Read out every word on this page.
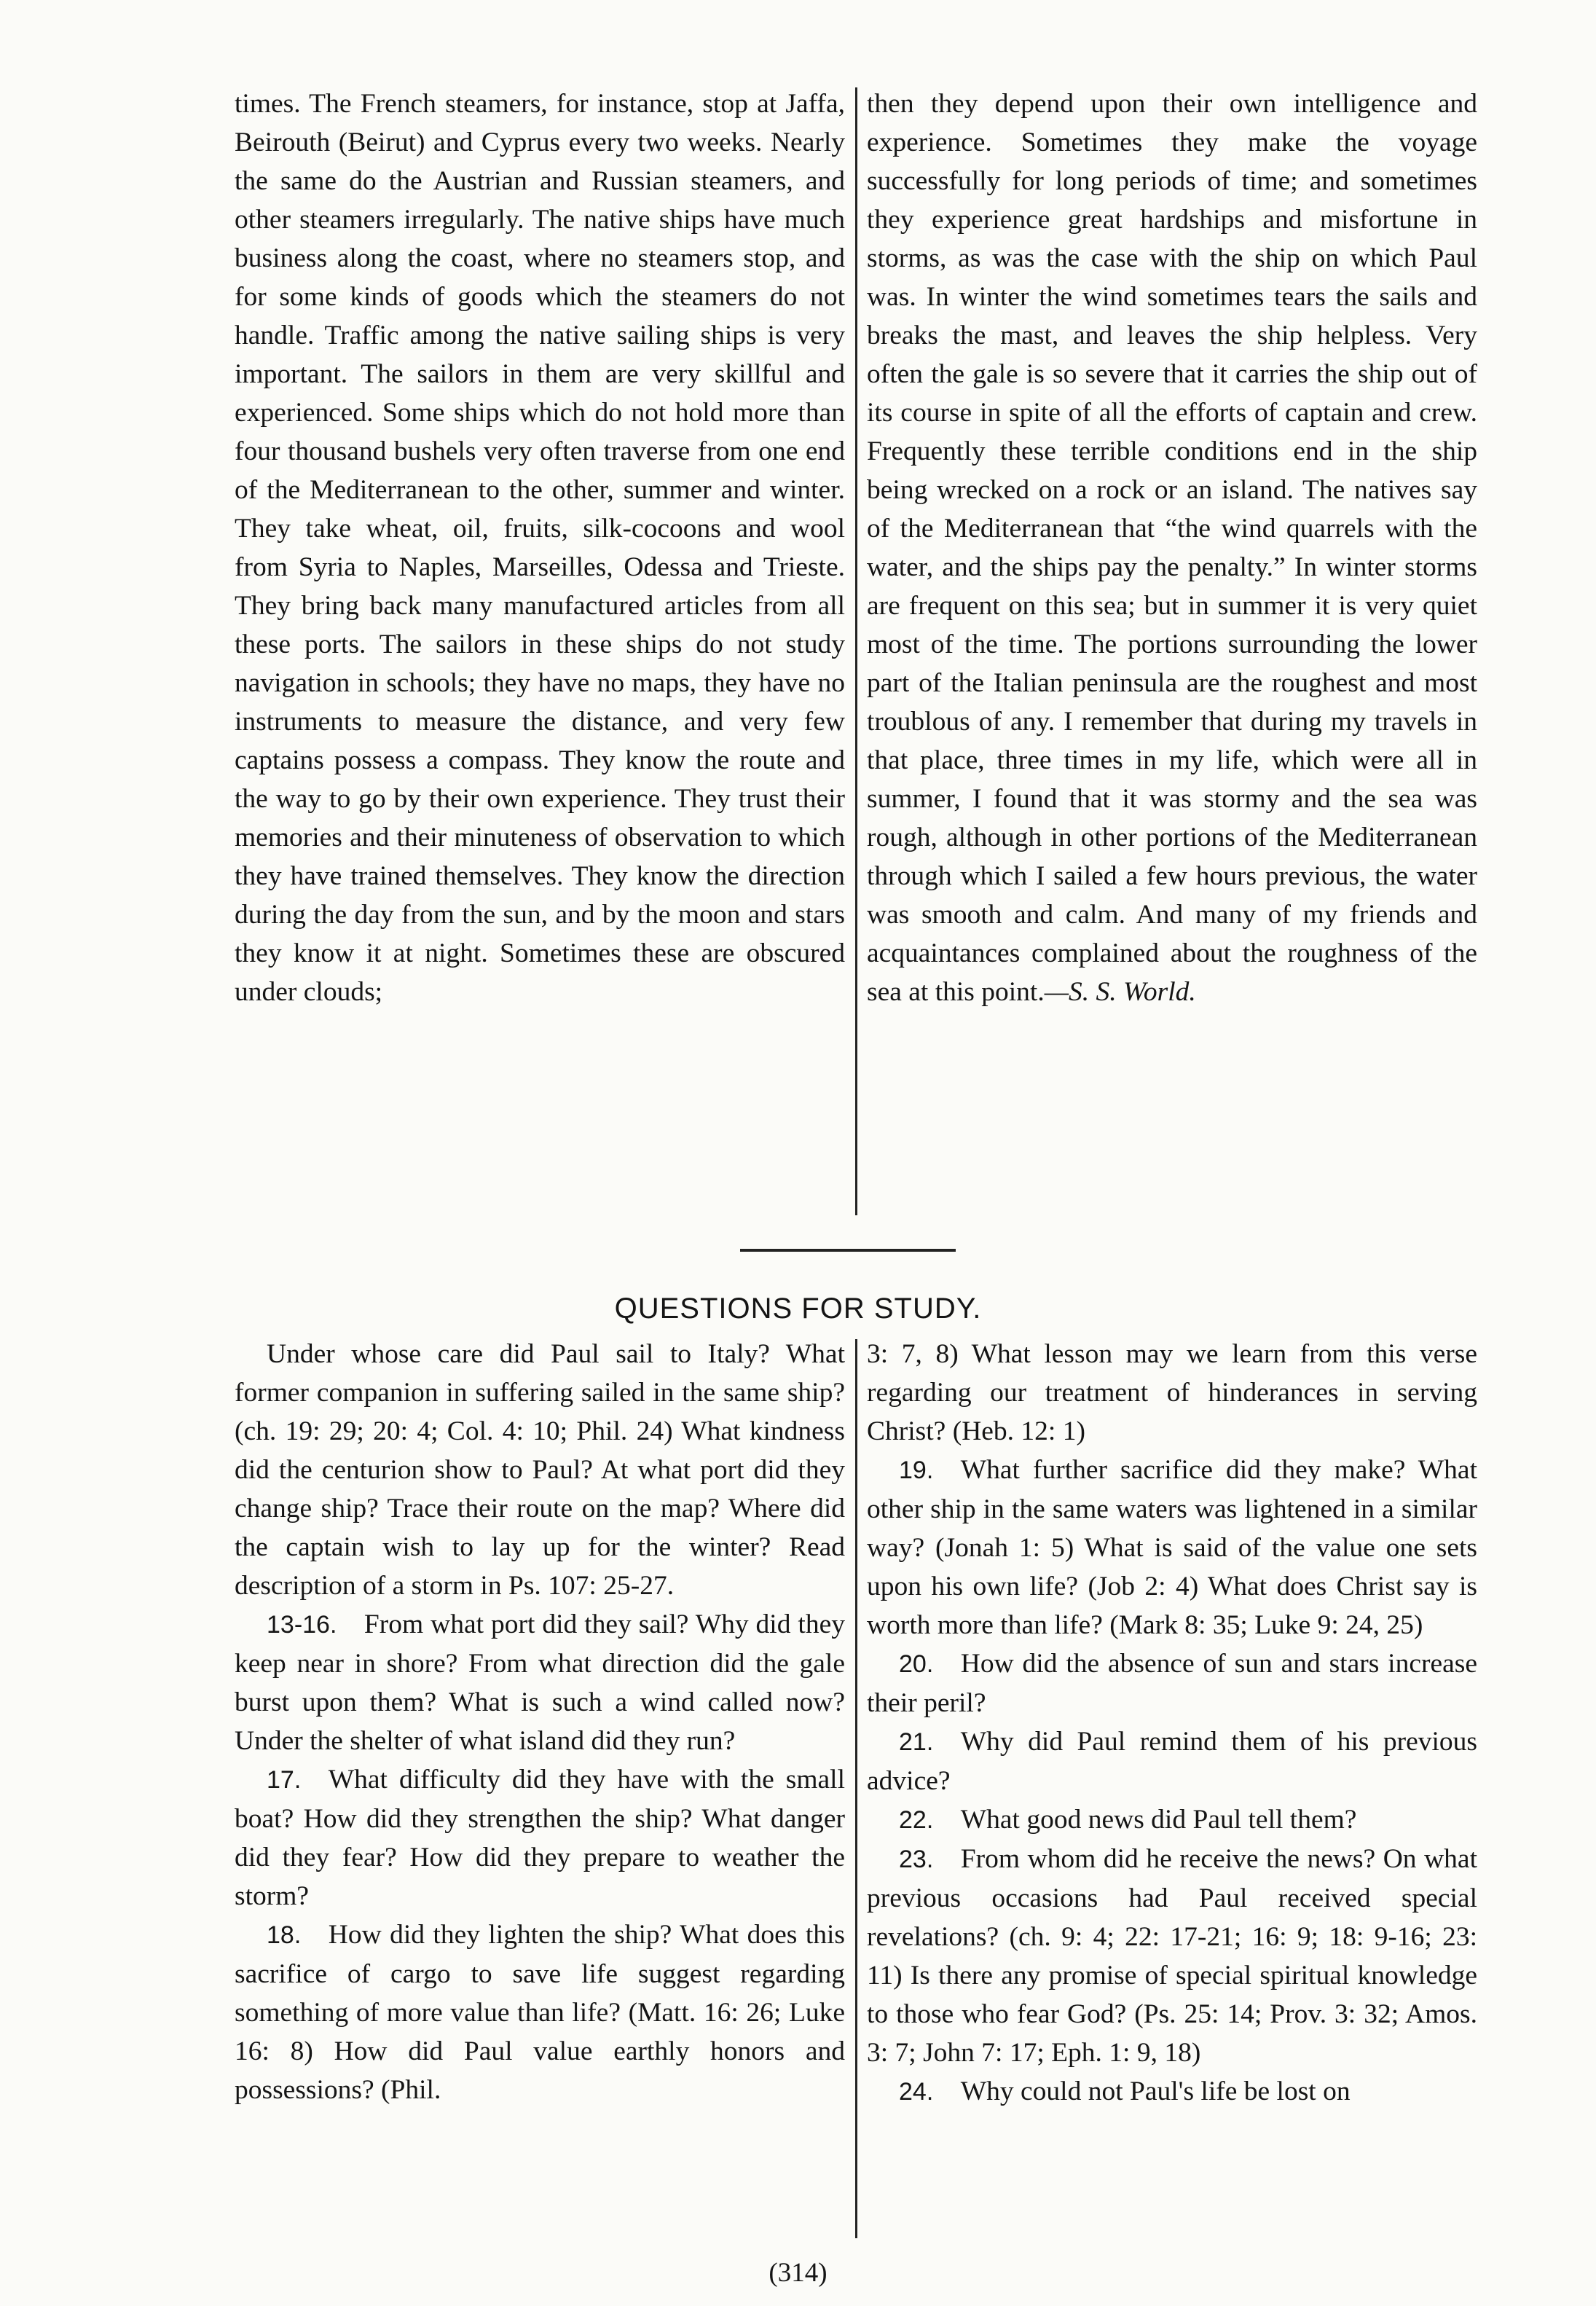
times. The French steamers, for instance, stop at Jaffa, Beirouth (Beirut) and Cyprus every two weeks. Nearly the same do the Austrian and Russian steamers, and other steamers irregularly. The native ships have much business along the coast, where no steamers stop, and for some kinds of goods which the steamers do not handle. Traffic among the native sailing ships is very important. The sailors in them are very skillful and experienced. Some ships which do not hold more than four thousand bushels very often traverse from one end of the Mediterranean to the other, summer and winter. They take wheat, oil, fruits, silk-cocoons and wool from Syria to Naples, Marseilles, Odessa and Trieste. They bring back many manufactured articles from all these ports. The sailors in these ships do not study navigation in schools; they have no maps, they have no instruments to measure the distance, and very few captains possess a compass. They know the route and the way to go by their own experience. They trust their memories and their minuteness of observation to which they have trained themselves. They know the direction during the day from the sun, and by the moon and stars they know it at night. Sometimes these are obscured under clouds;

then they depend upon their own intelligence and experience. Sometimes they make the voyage successfully for long periods of time; and sometimes they experience great hardships and misfortune in storms, as was the case with the ship on which Paul was. In winter the wind sometimes tears the sails and breaks the mast, and leaves the ship helpless. Very often the gale is so severe that it carries the ship out of its course in spite of all the efforts of captain and crew. Frequently these terrible conditions end in the ship being wrecked on a rock or an island. The natives say of the Mediterranean that “the wind quarrels with the water, and the ships pay the penalty.” In winter storms are frequent on this sea; but in summer it is very quiet most of the time. The portions surrounding the lower part of the Italian peninsula are the roughest and most troublous of any. I remember that during my travels in that place, three times in my life, which were all in summer, I found that it was stormy and the sea was rough, although in other portions of the Mediterranean through which I sailed a few hours previous, the water was smooth and calm. And many of my friends and acquaintances complained about the roughness of the sea at this point.—S. S. World.

QUESTIONS FOR STUDY.

Under whose care did Paul sail to Italy? What former companion in suffering sailed in the same ship? (ch. 19: 29; 20: 4; Col. 4: 10; Phil. 24) What kindness did the centurion show to Paul? At what port did they change ship? Trace their route on the map? Where did the captain wish to lay up for the winter? Read description of a storm in Ps. 107: 25-27.

13-16.  From what port did they sail? Why did they keep near in shore? From what direction did the gale burst upon them? What is such a wind called now? Under the shelter of what island did they run?

17.  What difficulty did they have with the small boat? How did they strengthen the ship? What danger did they fear? How did they prepare to weather the storm?

18.  How did they lighten the ship? What does this sacrifice of cargo to save life suggest regarding something of more value than life? (Matt. 16: 26; Luke 16: 8) How did Paul value earthly honors and possessions? (Phil.

3: 7, 8) What lesson may we learn from this verse regarding our treatment of hinderances in serving Christ? (Heb. 12: 1)

19.  What further sacrifice did they make? What other ship in the same waters was lightened in a similar way? (Jonah 1: 5) What is said of the value one sets upon his own life? (Job 2: 4) What does Christ say is worth more than life? (Mark 8: 35; Luke 9: 24, 25)

20.  How did the absence of sun and stars increase their peril?

21.  Why did Paul remind them of his previous advice?

22.  What good news did Paul tell them?

23.  From whom did he receive the news? On what previous occasions had Paul received special revelations? (ch. 9: 4; 22: 17-21; 16: 9; 18: 9-16; 23: 11) Is there any promise of special spiritual knowledge to those who fear God? (Ps. 25: 14; Prov. 3: 32; Amos. 3: 7; John 7: 17; Eph. 1: 9, 18)

24.  Why could not Paul's life be lost on

(314)
